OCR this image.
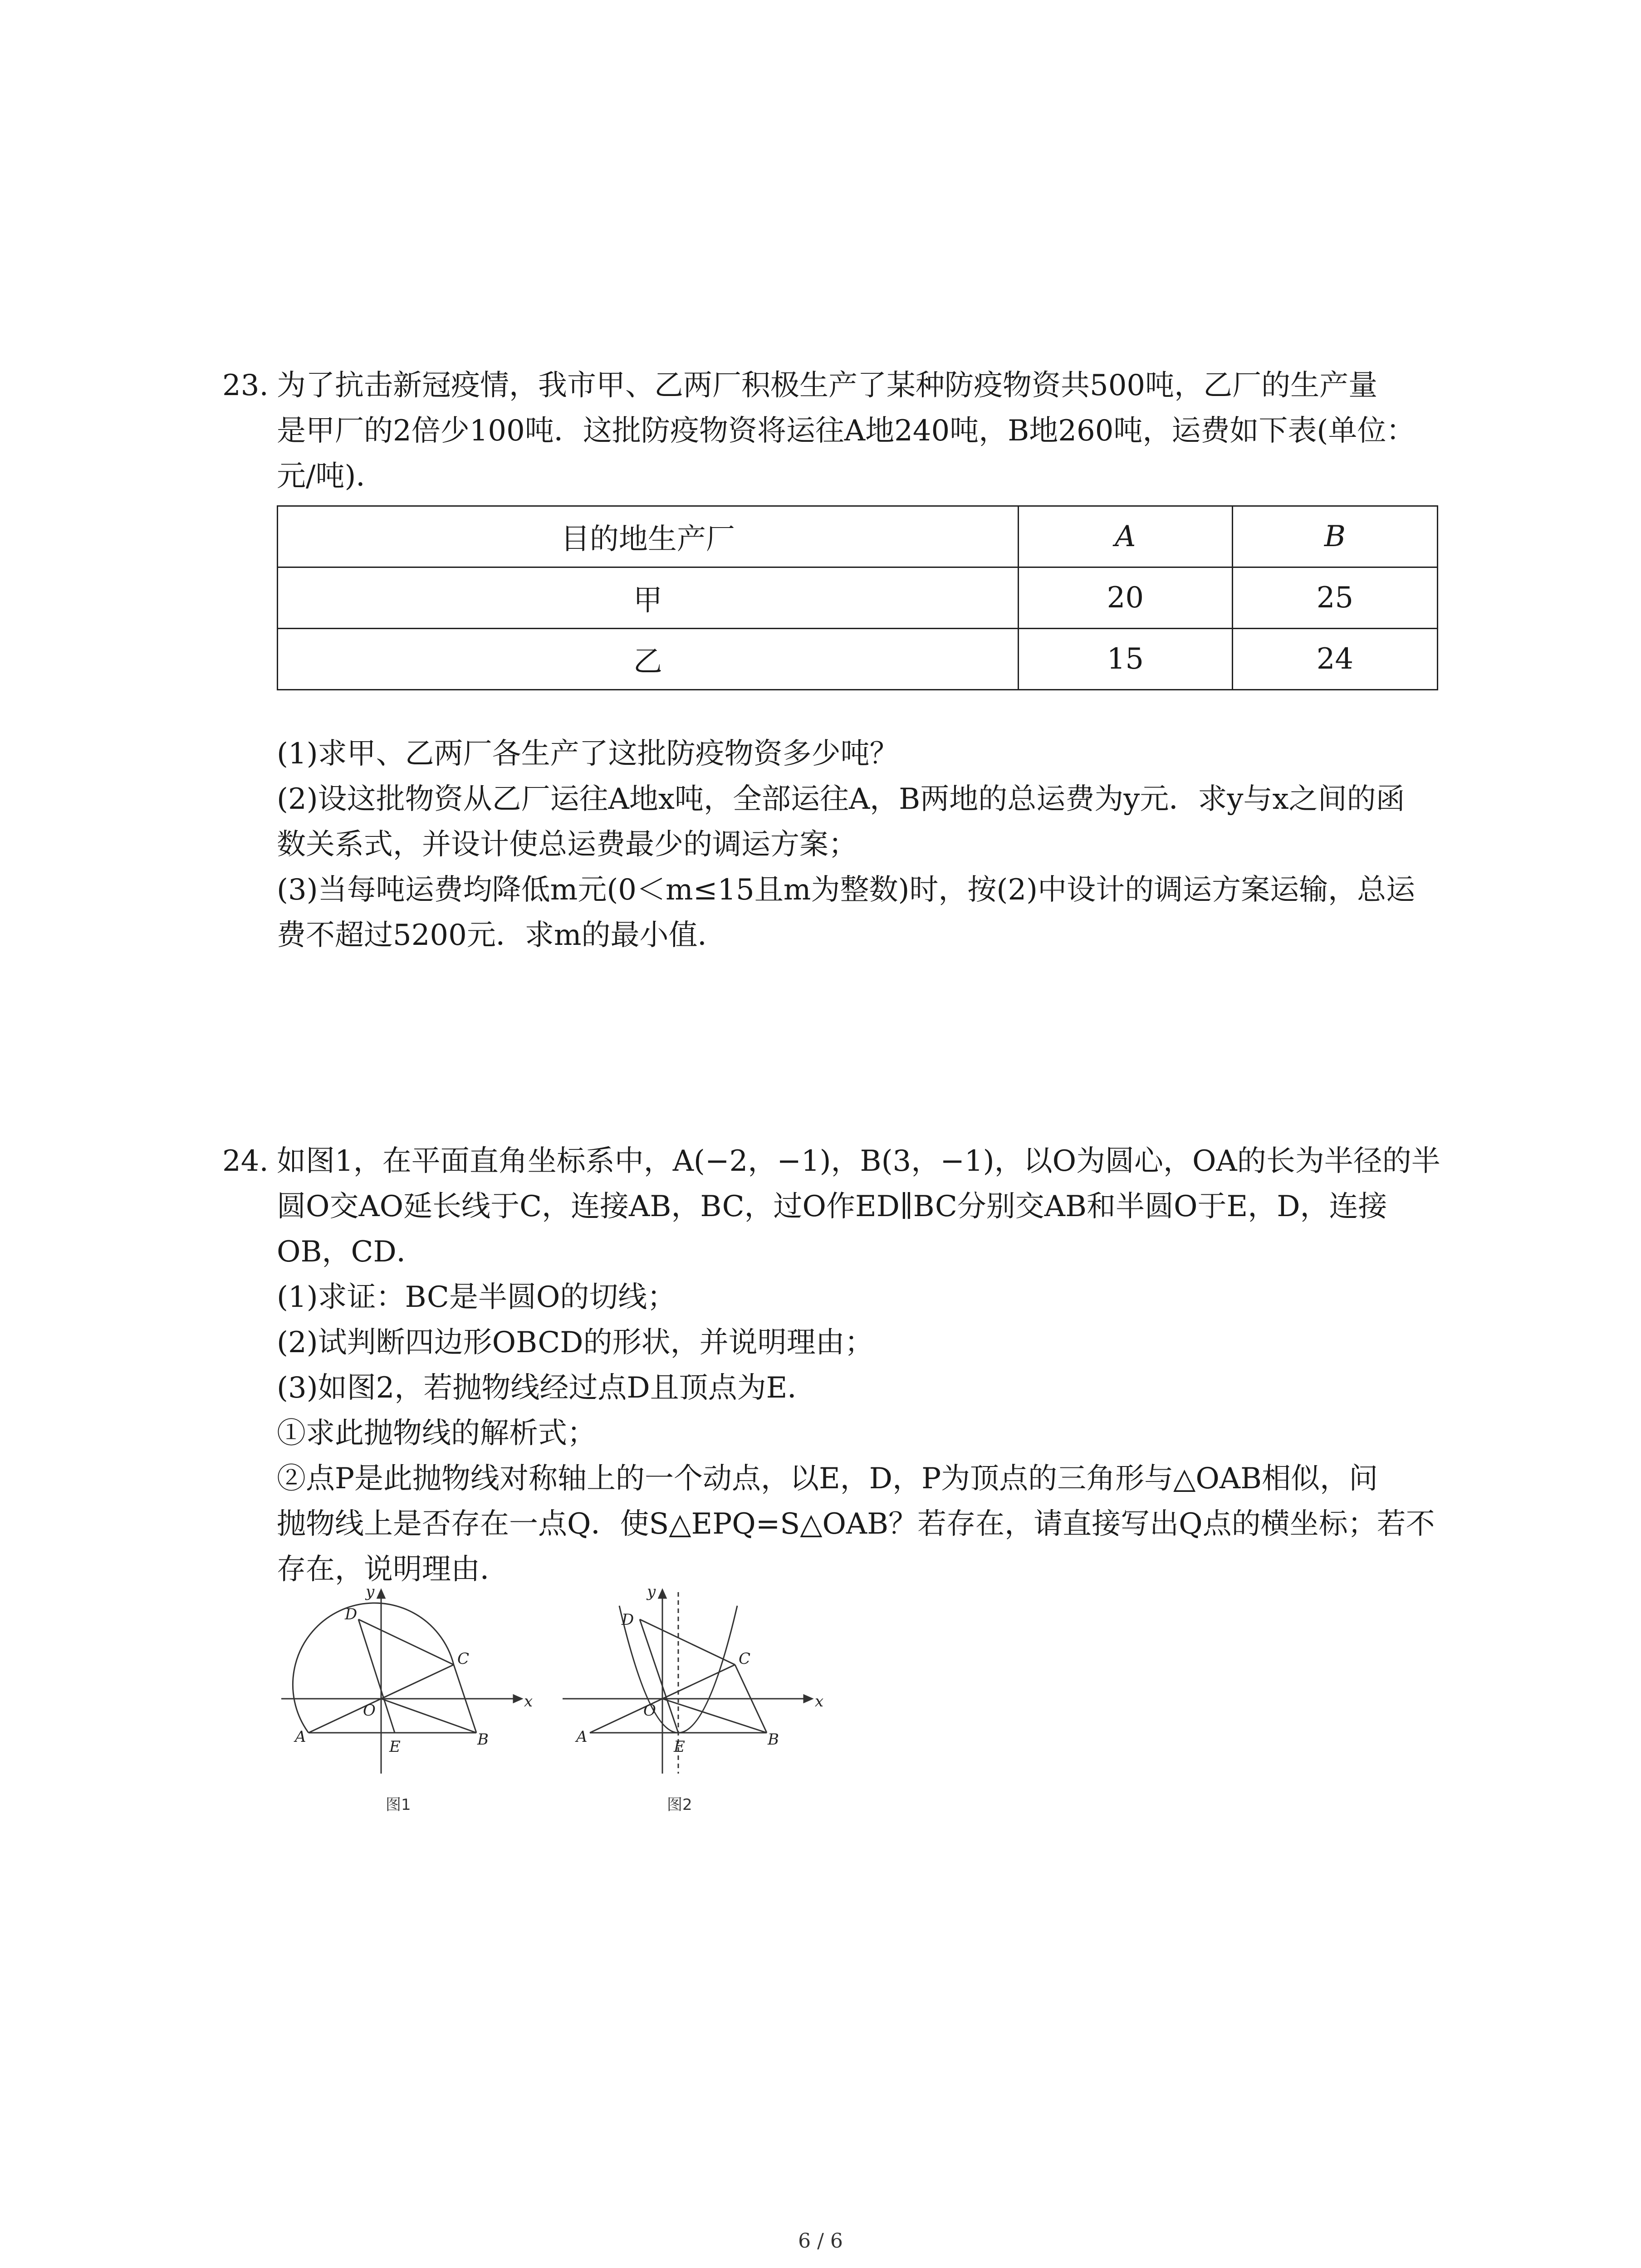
23. 为了抗击新冠疫情，我市甲、乙两厂积极生产了某种防疫物资共500吨，乙厂的生产量
是甲厂的2倍少100吨．这批防疫物资将运往A地240吨，B地260吨，运费如下表(单位：
元/吨)．
目的地生产厂	A	B
甲	20	25
乙	15	24
(1)求甲、乙两厂各生产了这批防疫物资多少吨？
(2)设这批物资从乙厂运往A地x吨，全部运往A，B两地的总运费为y元．求y与x之间的函
数关系式，并设计使总运费最少的调运方案；
(3)当每吨运费均降低m元(0＜m≤15且m为整数)时，按(2)中设计的调运方案运输，总运
费不超过5200元．求m的最小值．
24. 如图1，在平面直角坐标系中，A(−2，−1)，B(3，−1)，以O为圆心，OA的长为半径的半
圆O交AO延长线于C，连接AB，BC，过O作ED∥BC分别交AB和半圆O于E，D，连接
OB，CD．
(1)求证：BC是半圆O的切线；
(2)试判断四边形OBCD的形状，并说明理由；
(3)如图2，若抛物线经过点D且顶点为E．
①求此抛物线的解析式；
②点P是此抛物线对称轴上的一个动点，以E，D，P为顶点的三角形与△OAB相似，问
抛物线上是否存在一点Q．使S△EPQ=S△OAB？若存在，请直接写出Q点的横坐标；若不
存在，说明理由．
y
x
D
C
O
A
E	B
图1
y
x
D
C
O
A
E	B
图2
6 / 6
